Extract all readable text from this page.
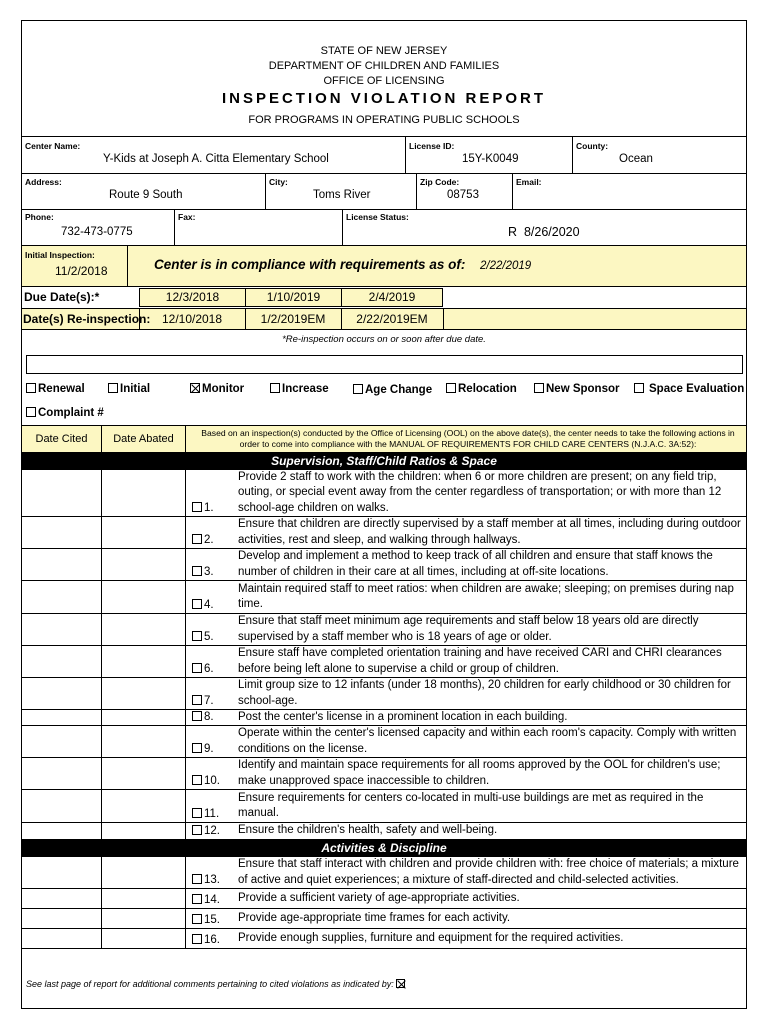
STATE OF NEW JERSEY
DEPARTMENT OF CHILDREN AND FAMILIES
OFFICE OF LICENSING
INSPECTION VIOLATION REPORT
FOR PROGRAMS IN OPERATING PUBLIC SCHOOLS
Center Name:
Y-Kids at Joseph A. Citta Elementary School
License ID:
15Y-K0049
County:
Ocean
Address:
Route 9 South
City:
Toms River
Zip Code:
08753
Email:
Phone:
732-473-0775
Fax:	License Status:
R  8/26/2020
Initial Inspection:
11/2/2018	Center is in compliance with requirements as of: 2/22/2019
Due Date(s):*	12/3/2018	1/10/2019	2/4/2019
Date(s) Re-inspection: 12/10/2018	1/2/2019EM	2/22/2019EM
*Re-inspection occurs on or soon after due date.
Renewal	Initial	Monitor	Increase	Age Change	Relocation	New Sponsor	Space Evaluation
Complaint #
Date Cited	Date Abated	Based on an inspection(s) conducted by the Office of Licensing (OOL) on the above date(s), the center needs to take the following actions in order to come into compliance with the MANUAL OF REQUIREMENTS FOR CHILD CARE CENTERS (N.J.A.C. 3A:52):
Supervision, Staff/Child Ratios & Space
1.
Provide 2 staff to work with the children: when 6 or more children are present; on any field trip, outing, or special event away from the center regardless of transportation; or with more than 12 school-age children on walks.
2.
Ensure that children are directly supervised by a staff member at all times, including during outdoor activities, rest and sleep, and walking through hallways.
3.
Develop and implement a method to keep track of all children and ensure that staff knows the number of children in their care at all times, including at off-site locations.
4.
Maintain required staff to meet ratios: when children are awake; sleeping; on premises during nap time.
5.
Ensure that staff meet minimum age requirements and staff below 18 years old are directly supervised by a staff member who is 18 years of age or older.
6.
Ensure staff have completed orientation training and have received CARI and CHRI clearances before being left alone to supervise a child or group of children.
7.
Limit group size to 12 infants (under 18 months), 20 children for early childhood or 30 children for school-age.
8. Post the center's license in a prominent location in each building.
9.
Operate within the center's licensed capacity and within each room's capacity. Comply with written conditions on the license.
10.
Identify and maintain space requirements for all rooms approved by the OOL for children's use; make unapproved space inaccessible to children.
11.
Ensure requirements for centers co-located in multi-use buildings are met as required in the manual.
12. Ensure the children's health, safety and well-being.
Activities & Discipline
13.
Ensure that staff interact with children and provide children with: free choice of materials; a mixture of active and quiet experiences; a mixture of staff-directed and child-selected activities.
14. Provide a sufficient variety of age-appropriate activities.
15. Provide age-appropriate time frames for each activity.
16. Provide enough supplies, furniture and equipment for the required activities.
See last page of report for additional comments pertaining to cited violations as indicated by:
